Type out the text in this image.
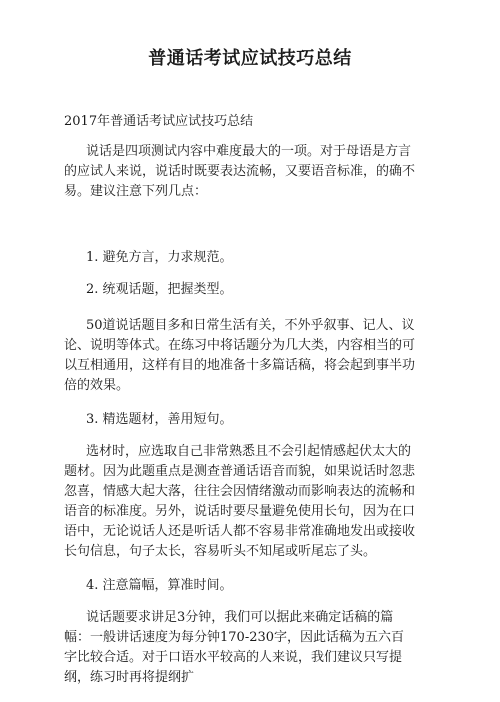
普通话考试应试技巧总结

2017年普通话考试应试技巧总结

说话是四项测试内容中难度最大的一项。对于母语是方言的应试人来说，说话时既要表达流畅，又要语音标准，的确不易。建议注意下列几点：

1. 避免方言，力求规范。

2. 统观话题，把握类型。

50道说话题目多和日常生活有关，不外乎叙事、记人、议论、说明等体式。在练习中将话题分为几大类，内容相当的可以互相通用，这样有目的地准备十多篇话稿，将会起到事半功倍的效果。

3. 精选题材，善用短句。

选材时，应选取自己非常熟悉且不会引起情感起伏太大的题材。因为此题重点是测查普通话语音而貌，如果说话时忽悲忽喜，情感大起大落，往往会因情绪激动而影响表达的流畅和语音的标准度。另外，说话时要尽量避免使用长句，因为在口语中，无论说话人还是听话人都不容易非常准确地发出或接收长句信息，句子太长，容易听头不知尾或听尾忘了头。

4. 注意篇幅，算准时间。

说话题要求讲足3分钟，我们可以据此来确定话稿的篇幅：一般讲话速度为每分钟170-230字，因此话稿为五六百字比较合适。对于口语水平较高的人来说，我们建议只写提纲，练习时再将提纲扩
